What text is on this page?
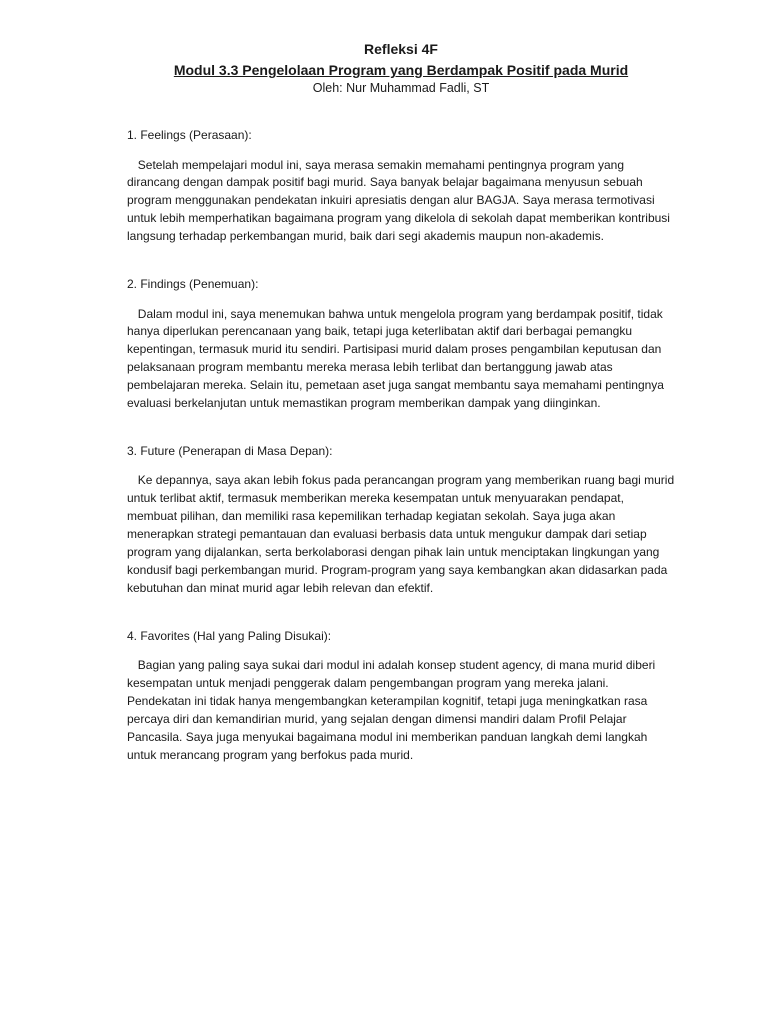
Refleksi 4F

Modul 3.3 Pengelolaan Program yang Berdampak Positif pada Murid

Oleh: Nur Muhammad Fadli, ST

1. Feelings (Perasaan):

Setelah mempelajari modul ini, saya merasa semakin memahami pentingnya program yang dirancang dengan dampak positif bagi murid. Saya banyak belajar bagaimana menyusun sebuah program menggunakan pendekatan inkuiri apresiatis dengan alur BAGJA. Saya merasa termotivasi untuk lebih memperhatikan bagaimana program yang dikelola di sekolah dapat memberikan kontribusi langsung terhadap perkembangan murid, baik dari segi akademis maupun non-akademis.

2. Findings (Penemuan):

Dalam modul ini, saya menemukan bahwa untuk mengelola program yang berdampak positif, tidak hanya diperlukan perencanaan yang baik, tetapi juga keterlibatan aktif dari berbagai pemangku kepentingan, termasuk murid itu sendiri. Partisipasi murid dalam proses pengambilan keputusan dan pelaksanaan program membantu mereka merasa lebih terlibat dan bertanggung jawab atas pembelajaran mereka. Selain itu, pemetaan aset juga sangat membantu saya memahami pentingnya evaluasi berkelanjutan untuk memastikan program memberikan dampak yang diinginkan.

3. Future (Penerapan di Masa Depan):

Ke depannya, saya akan lebih fokus pada perancangan program yang memberikan ruang bagi murid untuk terlibat aktif, termasuk memberikan mereka kesempatan untuk menyuarakan pendapat, membuat pilihan, dan memiliki rasa kepemilikan terhadap kegiatan sekolah. Saya juga akan menerapkan strategi pemantauan dan evaluasi berbasis data untuk mengukur dampak dari setiap program yang dijalankan, serta berkolaborasi dengan pihak lain untuk menciptakan lingkungan yang kondusif bagi perkembangan murid. Program-program yang saya kembangkan akan didasarkan pada kebutuhan dan minat murid agar lebih relevan dan efektif.

4. Favorites (Hal yang Paling Disukai):

Bagian yang paling saya sukai dari modul ini adalah konsep student agency, di mana murid diberi kesempatan untuk menjadi penggerak dalam pengembangan program yang mereka jalani. Pendekatan ini tidak hanya mengembangkan keterampilan kognitif, tetapi juga meningkatkan rasa percaya diri dan kemandirian murid, yang sejalan dengan dimensi mandiri dalam Profil Pelajar Pancasila. Saya juga menyukai bagaimana modul ini memberikan panduan langkah demi langkah untuk merancang program yang berfokus pada murid.
